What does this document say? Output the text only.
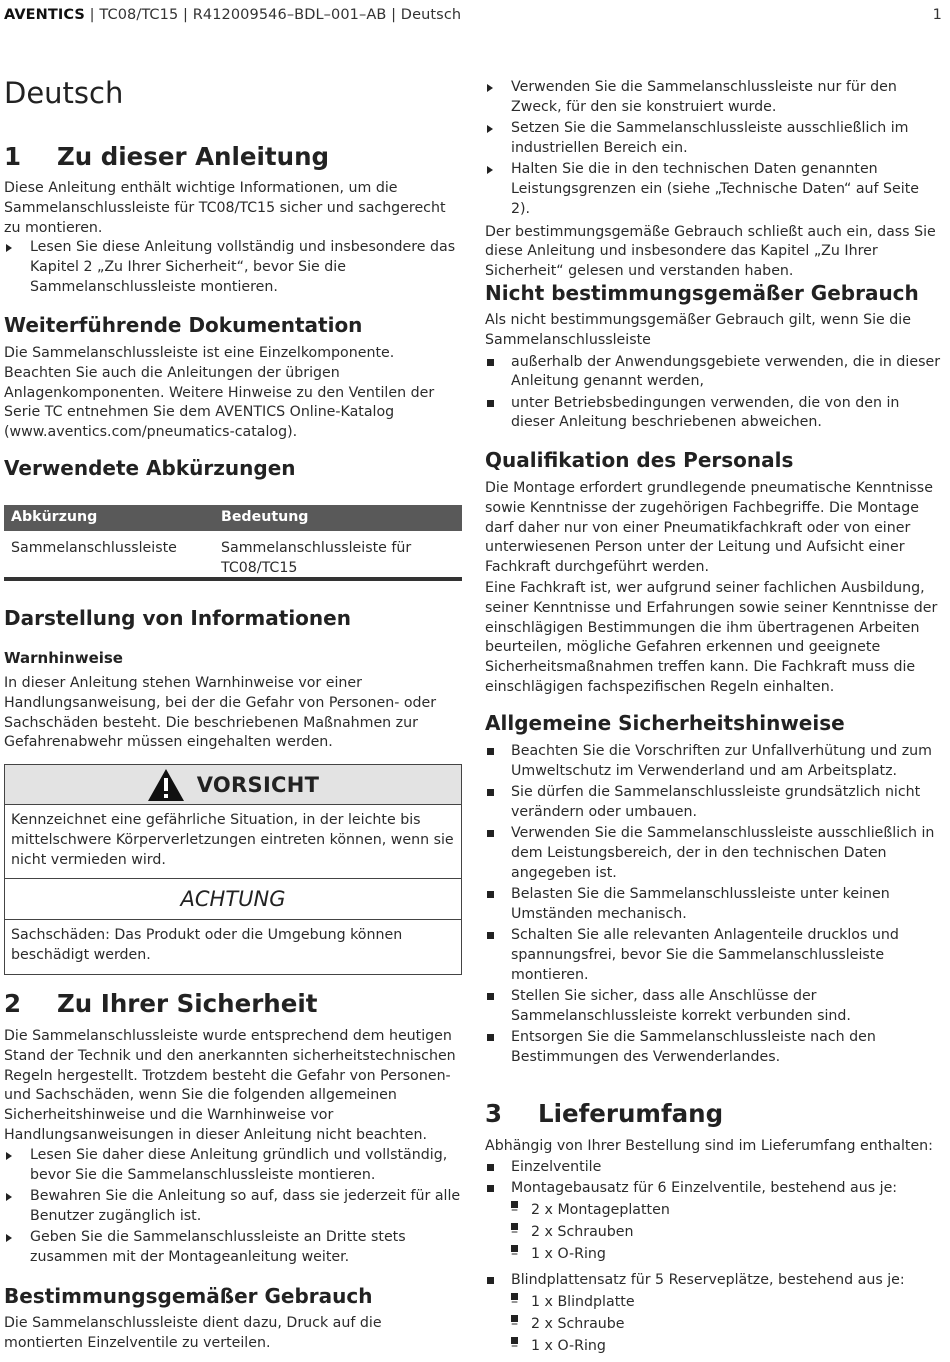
AVENTICS | TC08/TC15 | R412009546–BDL–001–AB | Deutsch	1
Deutsch
1 Zu dieser Anleitung

Diese Anleitung enthält wichtige Informationen, um die Sammelanschlussleiste für TC08/TC15 sicher und sachgerecht zu montieren.

Lesen Sie diese Anleitung vollständig und insbesondere das Kapitel 2 „Zu Ihrer Sicherheit“, bevor Sie die Sammelanschlussleiste montieren.
Weiterführende Dokumentation

Die Sammelanschlussleiste ist eine Einzelkomponente. Beachten Sie auch die Anleitungen der übrigen Anlagenkomponenten. Weitere Hinweise zu den Ventilen der Serie TC entnehmen Sie dem AVENTICS Online-Katalog (www.aventics.com/pneumatics-catalog).

Verwendete Abkürzungen
Abkürzung	Bedeutung
Sammelanschlussleiste	Sammelanschlussleiste für TC08/TC15
Darstellung von Informationen
Warnhinweise

In dieser Anleitung stehen Warnhinweise vor einer Handlungsanweisung, bei der die Gefahr von Personen- oder Sachschäden besteht. Die beschriebenen Maßnahmen zur Gefahrenabwehr müssen eingehalten werden.

VORSICHT
Kennzeichnet eine gefährliche Situation, in der leichte bis mittelschwere Körperverletzungen eintreten können, wenn sie nicht vermieden wird.
ACHTUNG
Sachschäden: Das Produkt oder die Umgebung können beschädigt werden.
2 Zu Ihrer Sicherheit

Die Sammelanschlussleiste wurde entsprechend dem heutigen Stand der Technik und den anerkannten sicherheitstechnischen Regeln hergestellt. Trotzdem besteht die Gefahr von Personen- und Sachschäden, wenn Sie die folgenden allgemeinen Sicherheitshinweise und die Warnhinweise vor Handlungsanweisungen in dieser Anleitung nicht beachten.

Lesen Sie daher diese Anleitung gründlich und vollständig, bevor Sie die Sammelanschlussleiste montieren.
Bewahren Sie die Anleitung so auf, dass sie jederzeit für alle Benutzer zugänglich ist.
Geben Sie die Sammelanschlussleiste an Dritte stets zusammen mit der Montageanleitung weiter.
Bestimmungsgemäßer Gebrauch

Die Sammelanschlussleiste dient dazu, Druck auf die montierten Einzelventile zu verteilen.

Verwenden Sie die Sammelanschlussleiste nur für den Zweck, für den sie konstruiert wurde.
Setzen Sie die Sammelanschlussleiste ausschließlich im industriellen Bereich ein.
Halten Sie die in den technischen Daten genannten Leistungsgrenzen ein (siehe „Technische Daten“ auf Seite 2).

Der bestimmungsgemäße Gebrauch schließt auch ein, dass Sie diese Anleitung und insbesondere das Kapitel „Zu Ihrer Sicherheit“ gelesen und verstanden haben.

Nicht bestimmungsgemäßer Gebrauch

Als nicht bestimmungsgemäßer Gebrauch gilt, wenn Sie die Sammelanschlussleiste

außerhalb der Anwendungsgebiete verwenden, die in dieser Anleitung genannt werden,
unter Betriebsbedingungen verwenden, die von den in dieser Anleitung beschriebenen abweichen.
Qualifikation des Personals

Die Montage erfordert grundlegende pneumatische Kenntnisse sowie Kenntnisse der zugehörigen Fachbegriffe. Die Montage darf daher nur von einer Pneumatikfachkraft oder von einer unterwiesenen Person unter der Leitung und Aufsicht einer Fachkraft durchgeführt werden.

Eine Fachkraft ist, wer aufgrund seiner fachlichen Ausbildung, seiner Kenntnisse und Erfahrungen sowie seiner Kenntnisse der einschlägigen Bestimmungen die ihm übertragenen Arbeiten beurteilen, mögliche Gefahren erkennen und geeignete Sicherheitsmaßnahmen treffen kann. Die Fachkraft muss die einschlägigen fachspezifischen Regeln einhalten.

Allgemeine Sicherheitshinweise
Beachten Sie die Vorschriften zur Unfallverhütung und zum Umweltschutz im Verwenderland und am Arbeitsplatz.
Sie dürfen die Sammelanschlussleiste grundsätzlich nicht verändern oder umbauen.
Verwenden Sie die Sammelanschlussleiste ausschließlich in dem Leistungsbereich, der in den technischen Daten angegeben ist.
Belasten Sie die Sammelanschlussleiste unter keinen Umständen mechanisch.
Schalten Sie alle relevanten Anlagenteile drucklos und spannungsfrei, bevor Sie die Sammelanschlussleiste montieren.
Stellen Sie sicher, dass alle Anschlüsse der Sammelanschlussleiste korrekt verbunden sind.
Entsorgen Sie die Sammelanschlussleiste nach den Bestimmungen des Verwenderlandes.
3 Lieferumfang

Abhängig von Ihrer Bestellung sind im Lieferumfang enthalten:

Einzelventile
Montagebausatz für 6 Einzelventile, bestehend aus je:
– 2 x Montageplatten
– 2 x Schrauben
– 1 x O-Ring
Blindplattensatz für 5 Reserveplätze, bestehend aus je:
– 1 x Blindplatte
– 2 x Schraube
– 1 x O-Ring
